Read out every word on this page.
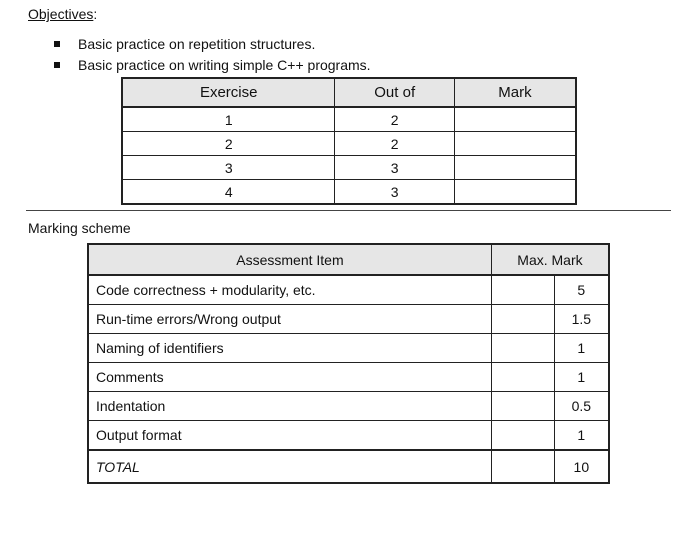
Objectives:
Basic practice on repetition structures.
Basic practice on writing simple C++ programs.
Exercise	Out of	Mark
1	2	
2	2	
3	3	
4	3	
Marking scheme
Assessment Item	Max. Mark	
Code correctness + modularity, etc.		5
Run-time errors/Wrong output		1.5
Naming of identifiers		1
Comments		1
Indentation		0.5
Output format		1
TOTAL		10
